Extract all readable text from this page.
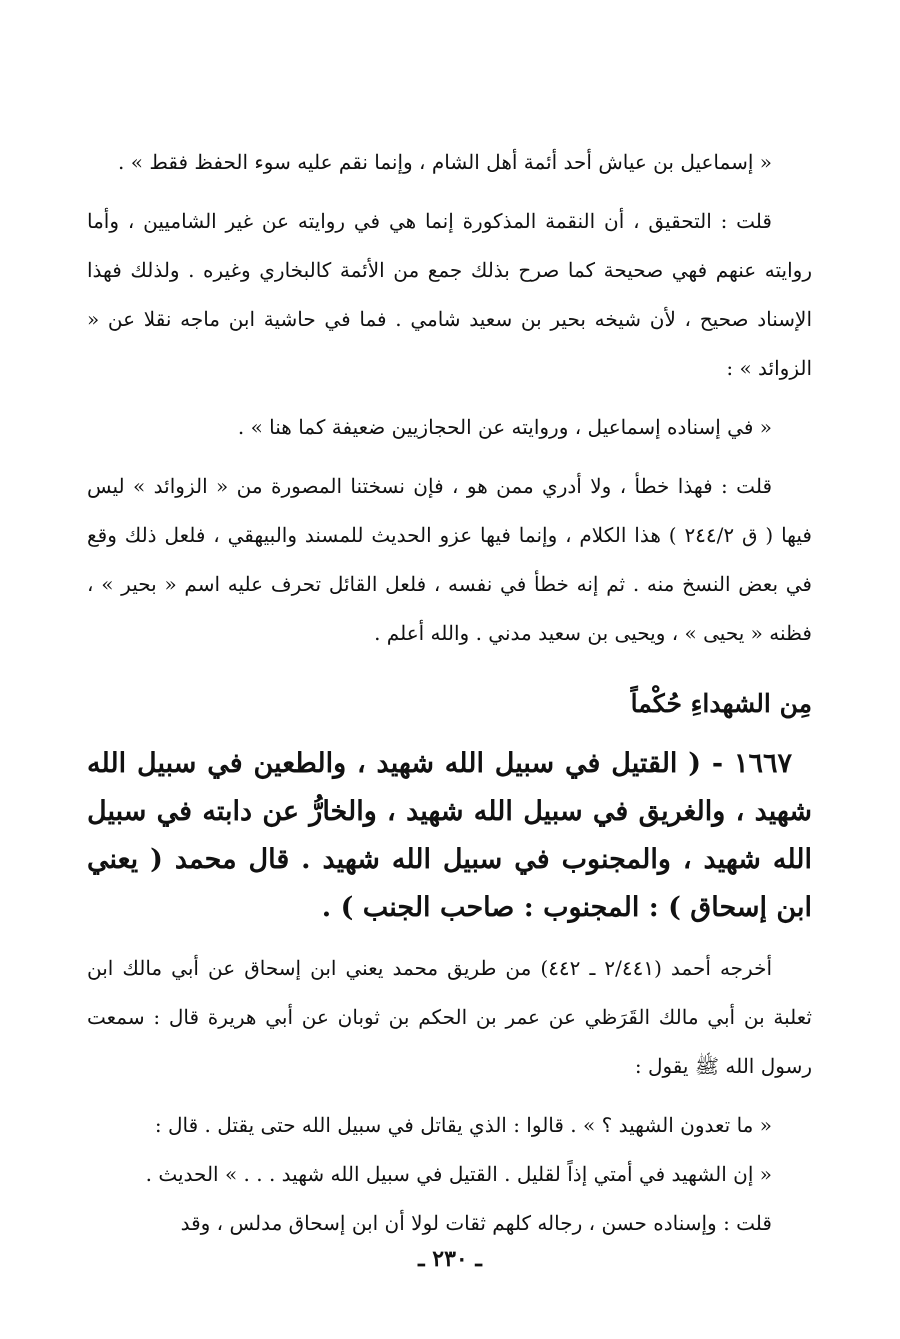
« إسماعيل بن عياش أحد أئمة أهل الشام ، وإنما نقم عليه سوء الحفظ فقط » .

قلت : التحقيق ، أن النقمة المذكورة إنما هي في روايته عن غير الشاميين ، وأما روايته عنهم فهي صحيحة كما صرح بذلك جمع من الأئمة كالبخاري وغيره . ولذلك فهذا الإسناد صحيح ، لأن شيخه بحير بن سعيد شامي . فما في حاشية ابن ماجه نقلا عن « الزوائد » :

« في إسناده إسماعيل ، وروايته عن الحجازيين ضعيفة كما هنا » .

قلت : فهذا خطأ ، ولا أدري ممن هو ، فإن نسختنا المصورة من « الزوائد » ليس فيها ( ق ٢٤٤/٢ ) هذا الكلام ، وإنما فيها عزو الحديث للمسند والبيهقي ، فلعل ذلك وقع في بعض النسخ منه . ثم إنه خطأ في نفسه ، فلعل القائل تحرف عليه اسم « بحير » ، فظنه « يحيى » ، ويحيى بن سعيد مدني . والله أعلم .

مِن الشهداءِ حُكْماً

١٦٦٧ - ( القتيل في سبيل الله شهيد ، والطعين في سبيل الله شهيد ، والغريق في سبيل الله شهيد ، والخارُّ عن دابته في سبيل الله شهيد ، والمجنوب في سبيل الله شهيد . قال محمد ( يعني ابن إسحاق ) : المجنوب : صاحب الجنب ) .

أخرجه أحمد (٢/٤٤١ ـ ٤٤٢) من طريق محمد يعني ابن إسحاق عن أبي مالك ابن ثعلبة بن أبي مالك القَرَظي عن عمر بن الحكم بن ثوبان عن أبي هريرة قال : سمعت رسول الله ﷺ يقول :

« ما تعدون الشهيد ؟ » . قالوا : الذي يقاتل في سبيل الله حتى يقتل . قال :

« إن الشهيد في أمتي إذاً لقليل . القتيل في سبيل الله شهيد . . . » الحديث .

قلت : وإسناده حسن ، رجاله كلهم ثقات لولا أن ابن إسحاق مدلس ، وقد

ـ ٢٣٠ ـ
